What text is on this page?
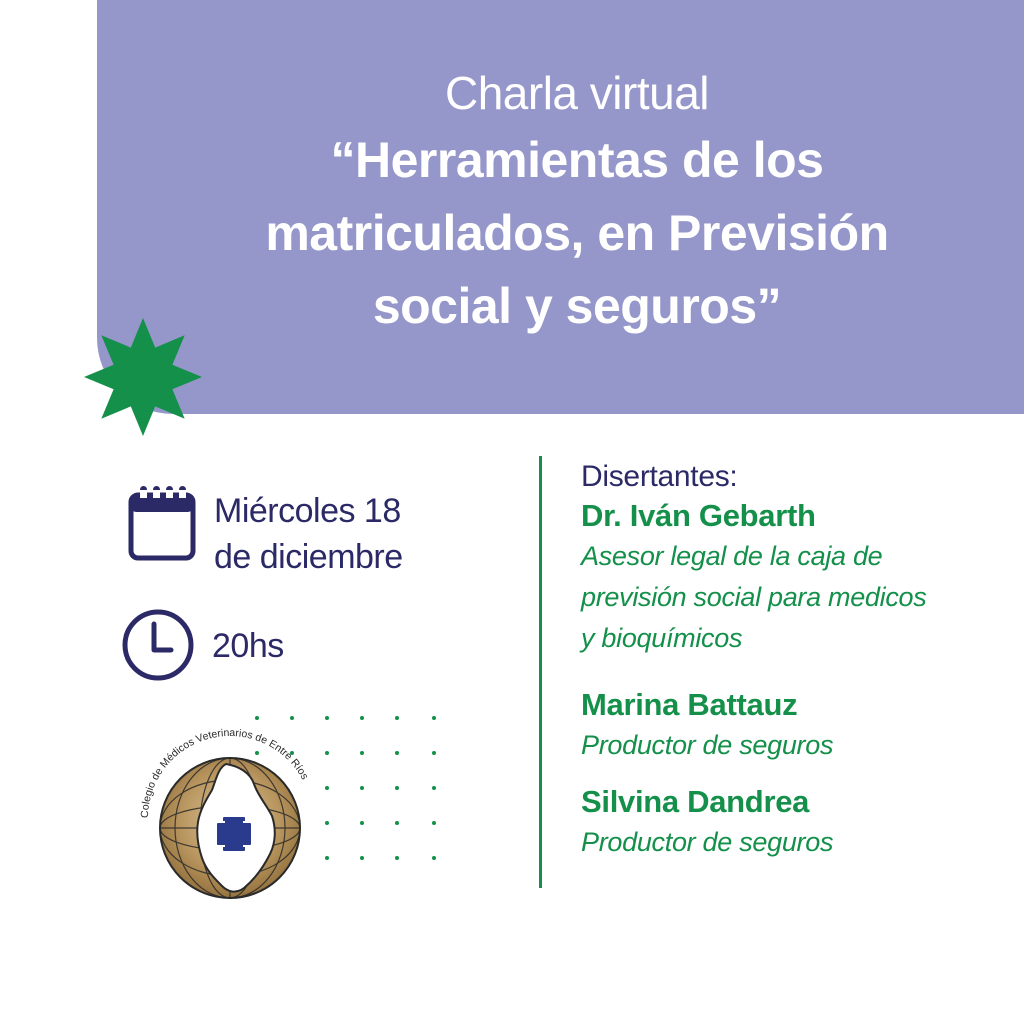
Charla virtual
“Herramientas de los
matriculados, en Previsión
social y seguros”
Miércoles 18
de diciembre
20hs
Disertantes:
Dr. Iván Gebarth
Asesor legal de la caja de
previsión social para medicos
y bioquímicos
Marina Battauz
Productor de seguros
Silvina Dandrea
Productor de seguros
Colegio de Médicos Veterinarios de Entre Ríos
